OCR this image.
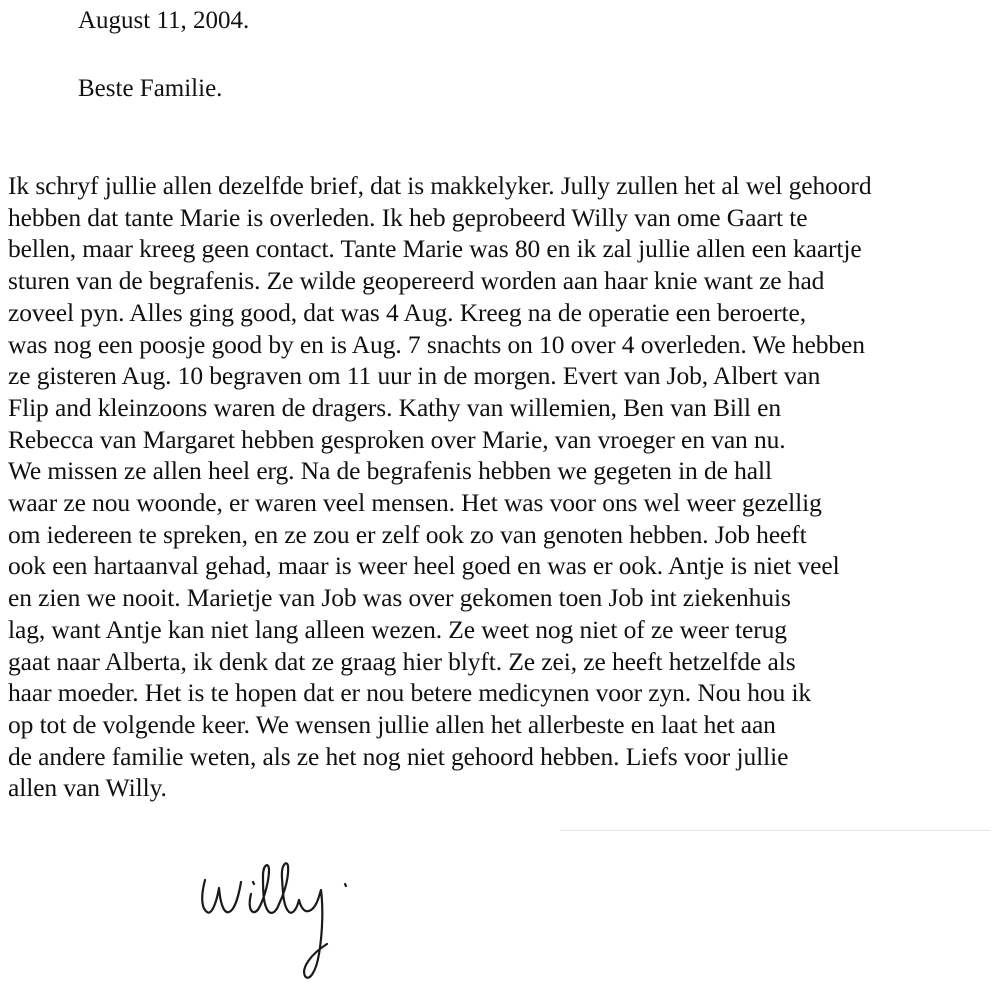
August 11, 2004.
Beste Familie.
Ik schryf jullie allen dezelfde brief, dat is makkelyker. Jully zullen het al wel gehoord
hebben dat tante Marie is overleden. Ik heb geprobeerd Willy van ome Gaart te
bellen, maar kreeg geen contact. Tante Marie was 80 en ik zal jullie allen een kaartje
sturen van de begrafenis. Ze wilde geopereerd worden aan haar knie want ze had
zoveel pyn. Alles ging good, dat was 4 Aug. Kreeg na de operatie een beroerte,
was nog een poosje good by en is Aug. 7 snachts on 10 over 4 overleden. We hebben
ze gisteren Aug. 10 begraven om 11 uur in de morgen. Evert van Job, Albert van
Flip and kleinzoons waren de dragers. Kathy van willemien, Ben van Bill en
Rebecca van Margaret hebben gesproken over Marie, van vroeger en van nu.
We missen ze allen heel erg. Na de begrafenis hebben we gegeten in de hall
waar ze nou woonde, er waren veel mensen. Het was voor ons wel weer gezellig
om iedereen te spreken, en ze zou er zelf ook zo van genoten hebben. Job heeft
ook een hartaanval gehad, maar is weer heel goed en was er ook. Antje is niet veel
en zien we nooit. Marietje van Job was over gekomen toen Job int ziekenhuis
lag, want Antje kan niet lang alleen wezen. Ze weet nog niet of ze weer terug
gaat naar Alberta, ik denk dat ze graag hier blyft. Ze zei, ze heeft hetzelfde als
haar moeder. Het is te hopen dat er nou betere medicynen voor zyn. Nou hou ik
op tot de volgende keer. We wensen jullie allen het allerbeste en laat het aan
de andere familie weten, als ze het nog niet gehoord hebben. Liefs voor jullie
allen van Willy.
